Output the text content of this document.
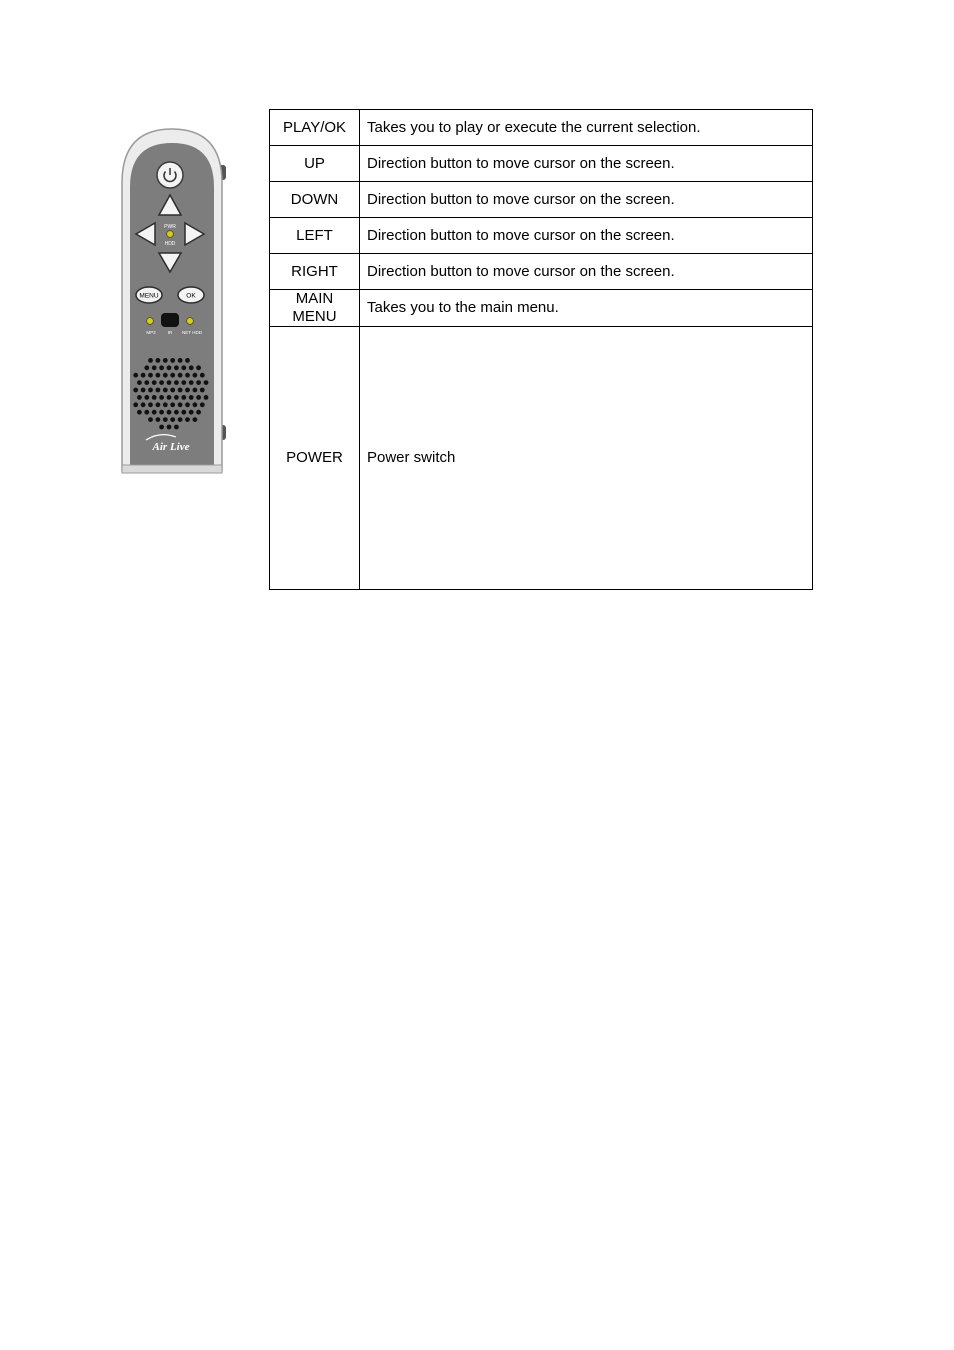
PWR
HDD
MENU	OK
MP3	IR NET HDD
Air Live
PLAY/OK	Takes you to play or execute the current selection.
UP	Direction button to move cursor on the screen.
DOWN	Direction button to move cursor on the screen.
LEFT	Direction button to move cursor on the screen.
RIGHT	Direction button to move cursor on the screen.
MAIN
MENU	Takes you to the main menu.
POWER	Power switch
